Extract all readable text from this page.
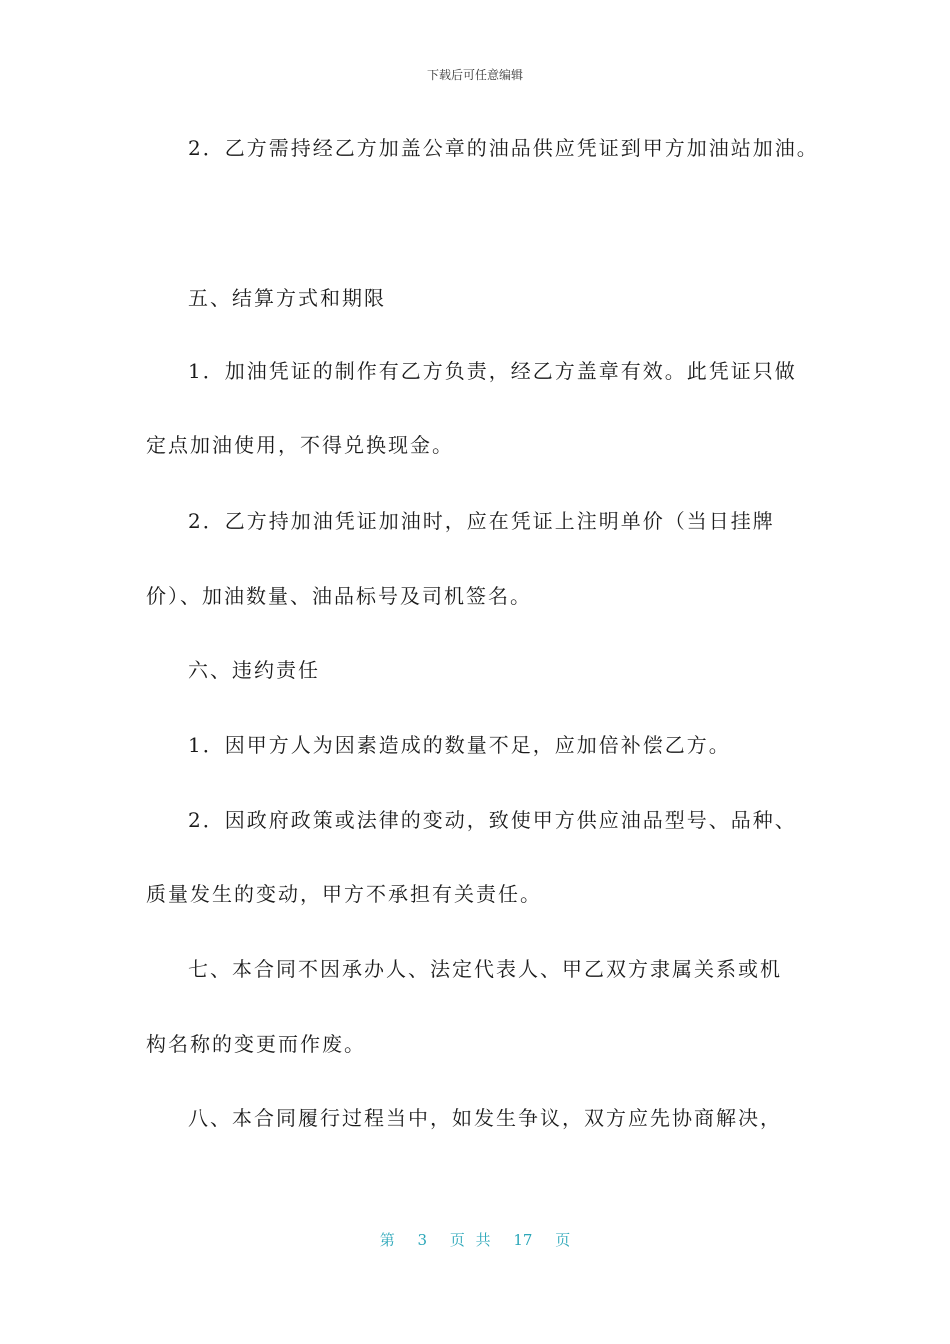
下载后可任意编辑
2．乙方需持经乙方加盖公章的油品供应凭证到甲方加油站加油。
五、结算方式和期限
1．加油凭证的制作有乙方负责，经乙方盖章有效。此凭证只做
定点加油使用，不得兑换现金。
2．乙方持加油凭证加油时，应在凭证上注明单价（当日挂牌
价）、加油数量、油品标号及司机签名。
六、违约责任
1．因甲方人为因素造成的数量不足，应加倍补偿乙方。
2．因政府政策或法律的变动，致使甲方供应油品型号、品种、
质量发生的变动，甲方不承担有关责任。
七、本合同不因承办人、法定代表人、甲乙双方隶属关系或机
构名称的变更而作废。
八、本合同履行过程当中，如发生争议，双方应先协商解决，
第 3 页 共 17 页
